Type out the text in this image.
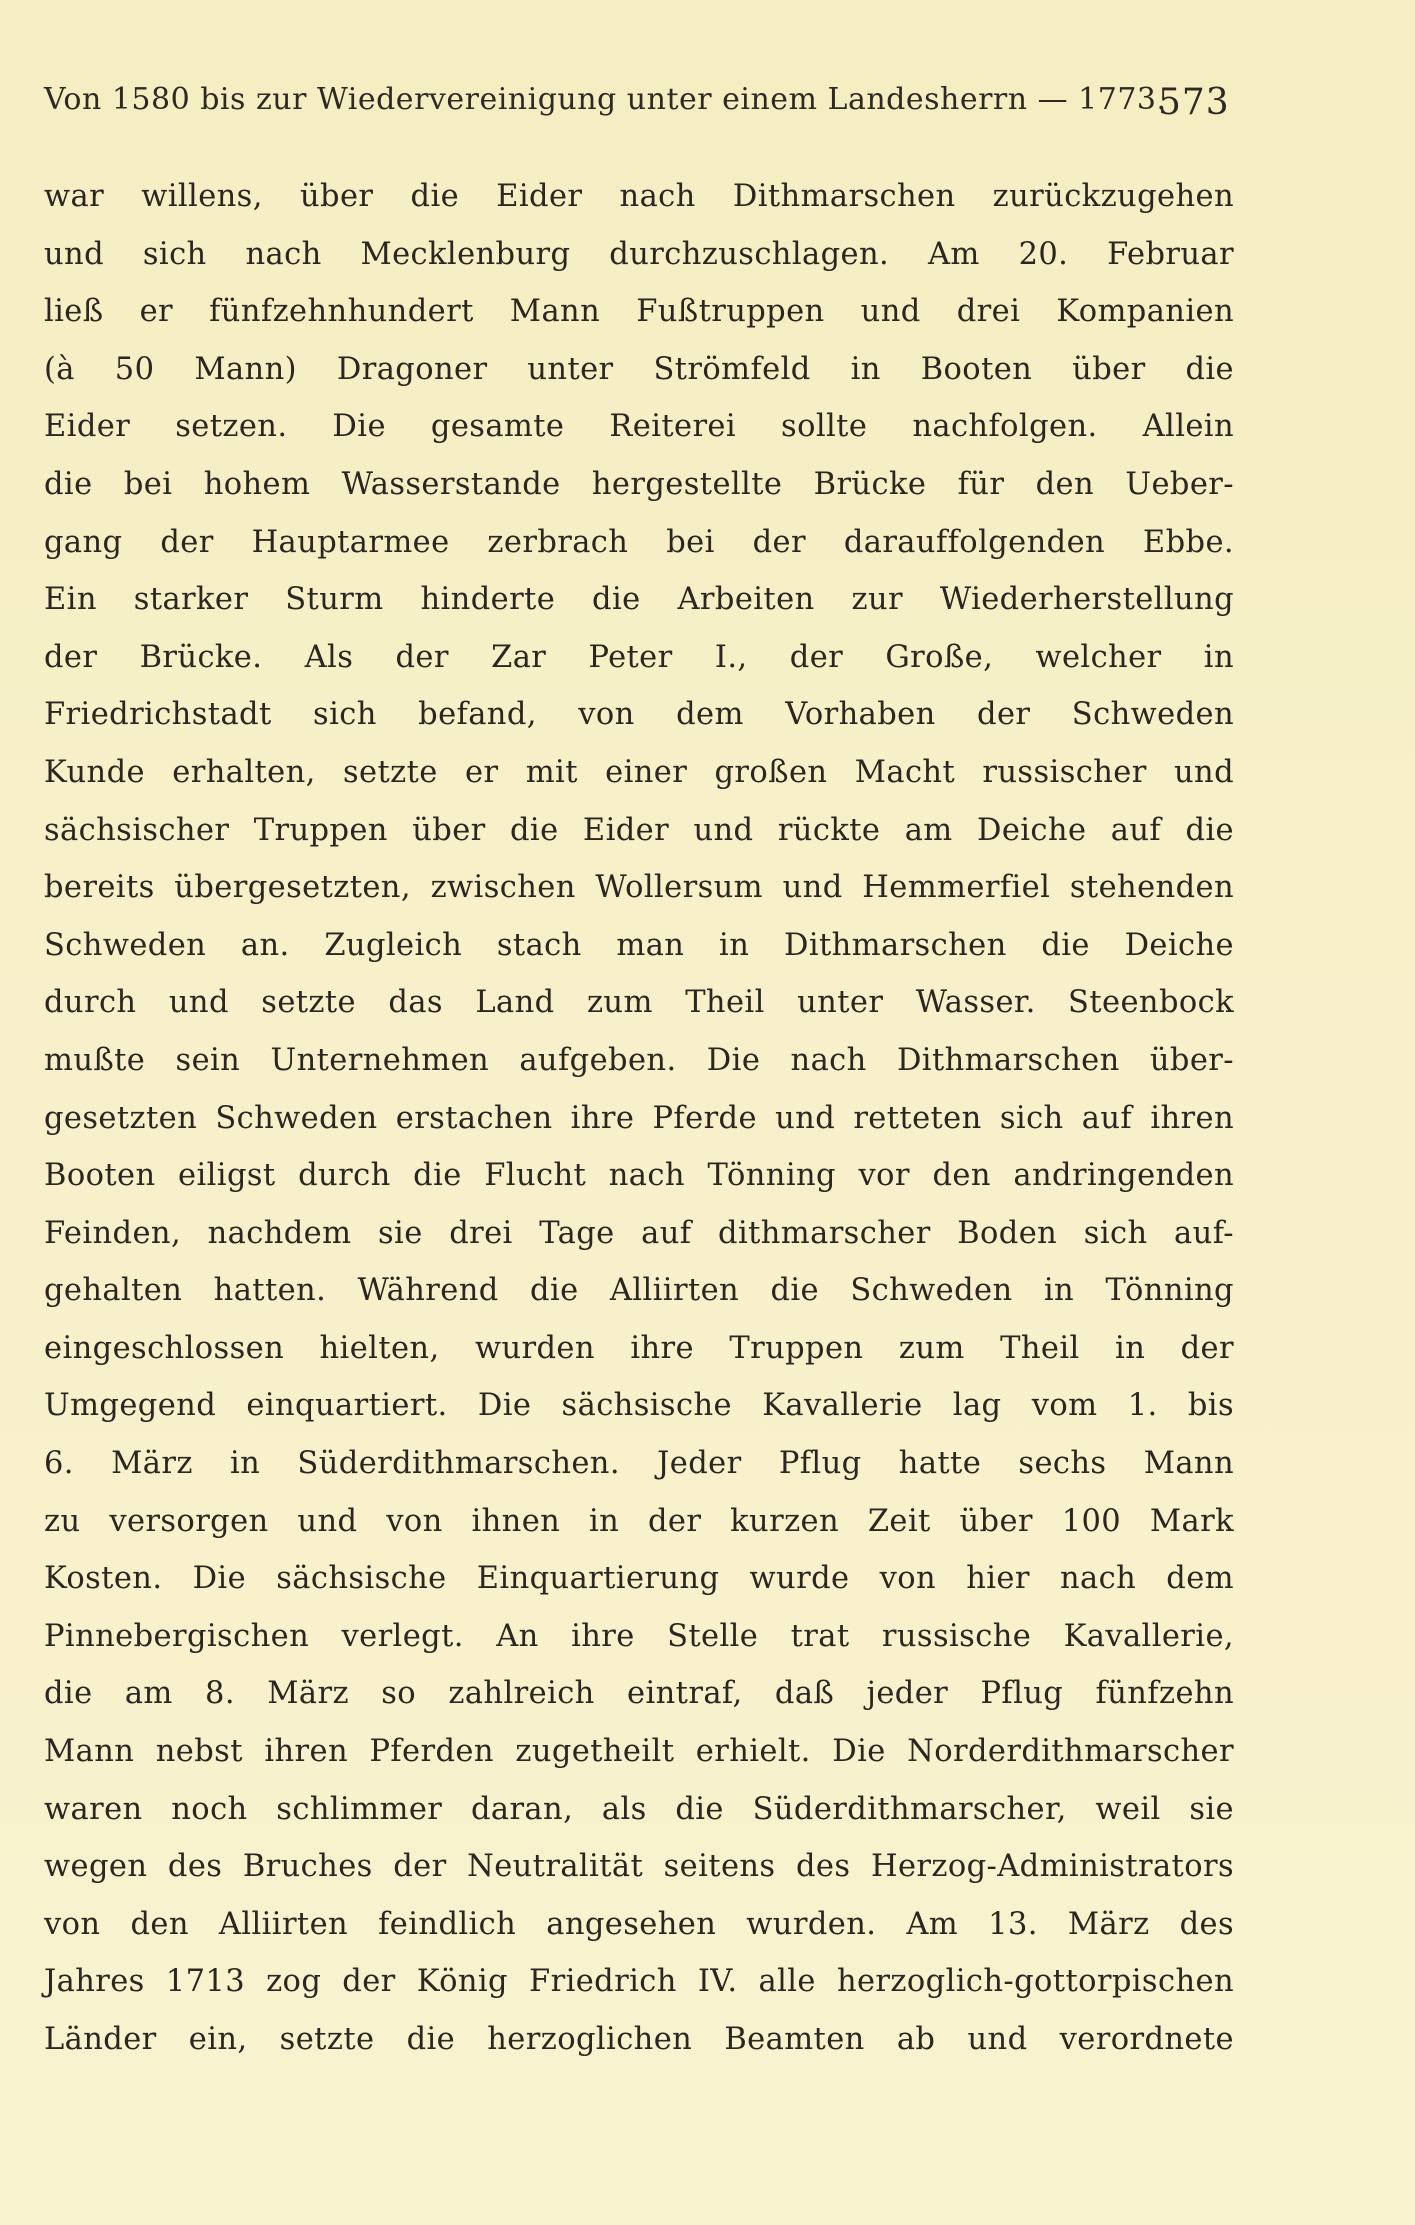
Von 1580 bis zur Wiedervereinigung unter einem Landesherrn — 1773.
573
war willens, über die Eider nach Dithmarschen zurückzugehen
und sich nach Mecklenburg durchzuschlagen. Am 20. Februar
ließ er fünfzehnhundert Mann Fußtruppen und drei Kompanien
(à 50 Mann) Dragoner unter Strömfeld in Booten über die
Eider setzen. Die gesamte Reiterei sollte nachfolgen. Allein
die bei hohem Wasserstande hergestellte Brücke für den Ueber-
gang der Hauptarmee zerbrach bei der darauffolgenden Ebbe.
Ein starker Sturm hinderte die Arbeiten zur Wiederherstellung
der Brücke. Als der Zar Peter I., der Große, welcher in
Friedrichstadt sich befand, von dem Vorhaben der Schweden
Kunde erhalten, setzte er mit einer großen Macht russischer und
sächsischer Truppen über die Eider und rückte am Deiche auf die
bereits übergesetzten, zwischen Wollersum und Hemmerfiel stehenden
Schweden an. Zugleich stach man in Dithmarschen die Deiche
durch und setzte das Land zum Theil unter Wasser. Steenbock
mußte sein Unternehmen aufgeben. Die nach Dithmarschen über-
gesetzten Schweden erstachen ihre Pferde und retteten sich auf ihren
Booten eiligst durch die Flucht nach Tönning vor den andringenden
Feinden, nachdem sie drei Tage auf dithmarscher Boden sich auf-
gehalten hatten. Während die Alliirten die Schweden in Tönning
eingeschlossen hielten, wurden ihre Truppen zum Theil in der
Umgegend einquartiert. Die sächsische Kavallerie lag vom 1. bis
6. März in Süderdithmarschen. Jeder Pflug hatte sechs Mann
zu versorgen und von ihnen in der kurzen Zeit über 100 Mark
Kosten. Die sächsische Einquartierung wurde von hier nach dem
Pinnebergischen verlegt. An ihre Stelle trat russische Kavallerie,
die am 8. März so zahlreich eintraf, daß jeder Pflug fünfzehn
Mann nebst ihren Pferden zugetheilt erhielt. Die Norderdithmarscher
waren noch schlimmer daran, als die Süderdithmarscher, weil sie
wegen des Bruches der Neutralität seitens des Herzog-Administrators
von den Alliirten feindlich angesehen wurden. Am 13. März des
Jahres 1713 zog der König Friedrich IV. alle herzoglich-gottorpischen
Länder ein, setzte die herzoglichen Beamten ab und verordnete
